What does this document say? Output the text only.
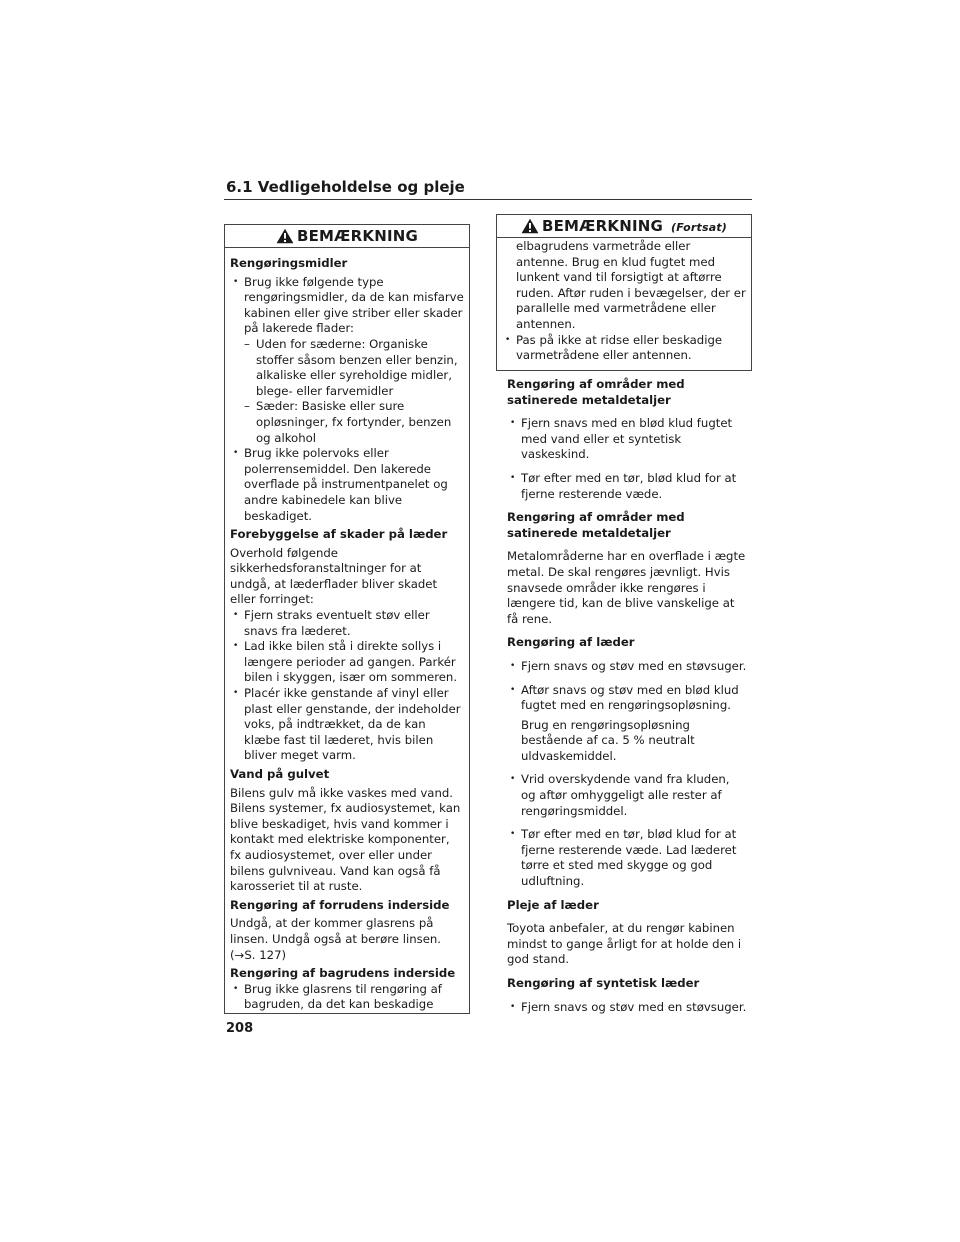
6.1 Vedligeholdelse og pleje
BEMÆRKNING
Rengøringsmidler
• Brug ikke følgende type rengøringsmidler, da de kan misfarve kabinen eller give striber eller skader på lakerede flader:
– Uden for sæderne: Organiske stoffer såsom benzen eller benzin, alkaliske eller syreholdige midler, blege- eller farvemidler
– Sæder: Basiske eller sure opløsninger, fx fortynder, benzen og alkohol
• Brug ikke polervoks eller polerrensemiddel. Den lakerede overflade på instrumentpanelet og andre kabinedele kan blive beskadiget.
Forebyggelse af skader på læder
Overhold følgende sikkerhedsforanstaltninger for at undgå, at læderflader bliver skadet eller forringet:
• Fjern straks eventuelt støv eller snavs fra læderet.
• Lad ikke bilen stå i direkte sollys i længere perioder ad gangen. Parkér bilen i skyggen, især om sommeren.
• Placér ikke genstande af vinyl eller plast eller genstande, der indeholder voks, på indtrækket, da de kan klæbe fast til læderet, hvis bilen bliver meget varm.
Vand på gulvet
Bilens gulv må ikke vaskes med vand. Bilens systemer, fx audiosystemet, kan blive beskadiget, hvis vand kommer i kontakt med elektriske komponenter, fx audiosystemet, over eller under bilens gulvniveau. Vand kan også få karosseriet til at ruste.
Rengøring af forrudens inderside
Undgå, at der kommer glasrens på linsen. Undgå også at berøre linsen. (→S. 127)
Rengøring af bagrudens inderside
• Brug ikke glasrens til rengøring af bagruden, da det kan beskadige
BEMÆRKNING (Fortsat)
elbagrudens varmetråde eller antenne. Brug en klud fugtet med lunkent vand til forsigtigt at aftørre ruden. Aftør ruden i bevægelser, der er parallelle med varmetrådene eller antennen.
• Pas på ikke at ridse eller beskadige varmetrådene eller antennen.
Rengøring af områder med satinerede metaldetaljer
• Fjern snavs med en blød klud fugtet med vand eller et syntetisk vaskeskind.
• Tør efter med en tør, blød klud for at fjerne resterende væde.
Rengøring af områder med satinerede metaldetaljer
Metalområderne har en overflade i ægte metal. De skal rengøres jævnligt. Hvis snavsede områder ikke rengøres i længere tid, kan de blive vanskelige at få rene.
Rengøring af læder
• Fjern snavs og støv med en støvsuger.
• Aftør snavs og støv med en blød klud fugtet med en rengøringsopløsning.
Brug en rengøringsopløsning bestående af ca. 5 % neutralt uldvaskemiddel.
• Vrid overskydende vand fra kluden, og aftør omhyggeligt alle rester af rengøringsmiddel.
• Tør efter med en tør, blød klud for at fjerne resterende væde. Lad læderet tørre et sted med skygge og god udluftning.
Pleje af læder
Toyota anbefaler, at du rengør kabinen mindst to gange årligt for at holde den i god stand.
Rengøring af syntetisk læder
• Fjern snavs og støv med en støvsuger.
208
